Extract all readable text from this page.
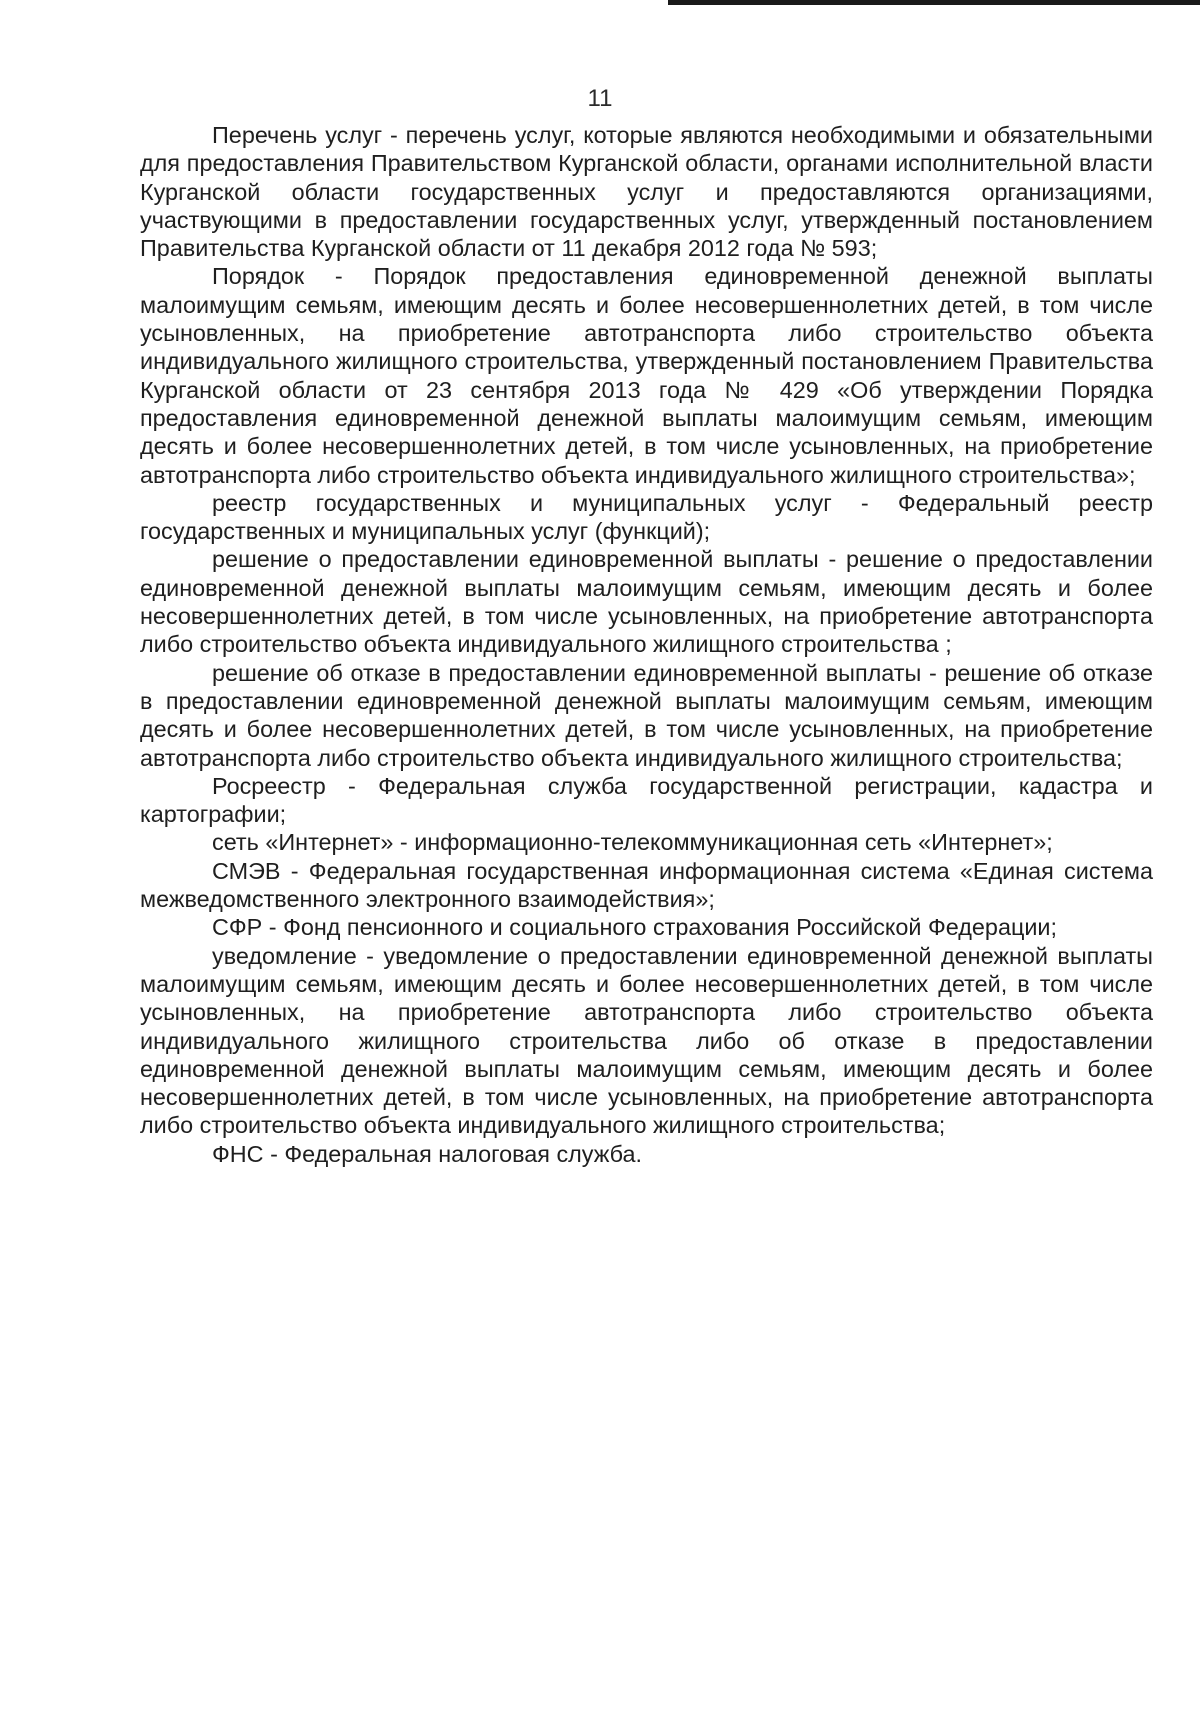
11

Перечень услуг - перечень услуг, которые являются необходимыми и обязательными для предоставления Правительством Курганской области, органами исполнительной власти Курганской области государственных услуг и предоставляются организациями, участвующими в предоставлении государственных услуг, утвержденный постановлением Правительства Курганской области от 11 декабря 2012 года № 593;

Порядок - Порядок предоставления единовременной денежной выплаты малоимущим семьям, имеющим десять и более несовершеннолетних детей, в том числе усыновленных, на приобретение автотранспорта либо строительство объекта индивидуального жилищного строительства, утвержденный постановлением Правительства Курганской области от 23 сентября 2013 года № 429 «Об утверждении Порядка предоставления единовременной денежной выплаты малоимущим семьям, имеющим десять и более несовершеннолетних детей, в том числе усыновленных, на приобретение автотранспорта либо строительство объекта индивидуального жилищного строительства»;

реестр государственных и муниципальных услуг - Федеральный реестр государственных и муниципальных услуг (функций);

решение о предоставлении единовременной выплаты - решение о предоставлении единовременной денежной выплаты малоимущим семьям, имеющим десять и более несовершеннолетних детей, в том числе усыновленных, на приобретение автотранспорта либо строительство объекта индивидуального жилищного строительства ;

решение об отказе в предоставлении единовременной выплаты - решение об отказе в предоставлении единовременной денежной выплаты малоимущим семьям, имеющим десять и более несовершеннолетних детей, в том числе усыновленных, на приобретение автотранспорта либо строительство объекта индивидуального жилищного строительства;

Росреестр - Федеральная служба государственной регистрации, кадастра и картографии;

сеть «Интернет» - информационно-телекоммуникационная сеть «Интернет»;

СМЭВ - Федеральная государственная информационная система «Единая система межведомственного электронного взаимодействия»;

СФР - Фонд пенсионного и социального страхования Российской Федерации;

уведомление - уведомление о предоставлении единовременной денежной выплаты малоимущим семьям, имеющим десять и более несовершеннолетних детей, в том числе усыновленных, на приобретение автотранспорта либо строительство объекта индивидуального жилищного строительства либо об отказе в предоставлении единовременной денежной выплаты малоимущим семьям, имеющим десять и более несовершеннолетних детей, в том числе усыновленных, на приобретение автотранспорта либо строительство объекта индивидуального жилищного строительства;

ФНС - Федеральная налоговая служба.
